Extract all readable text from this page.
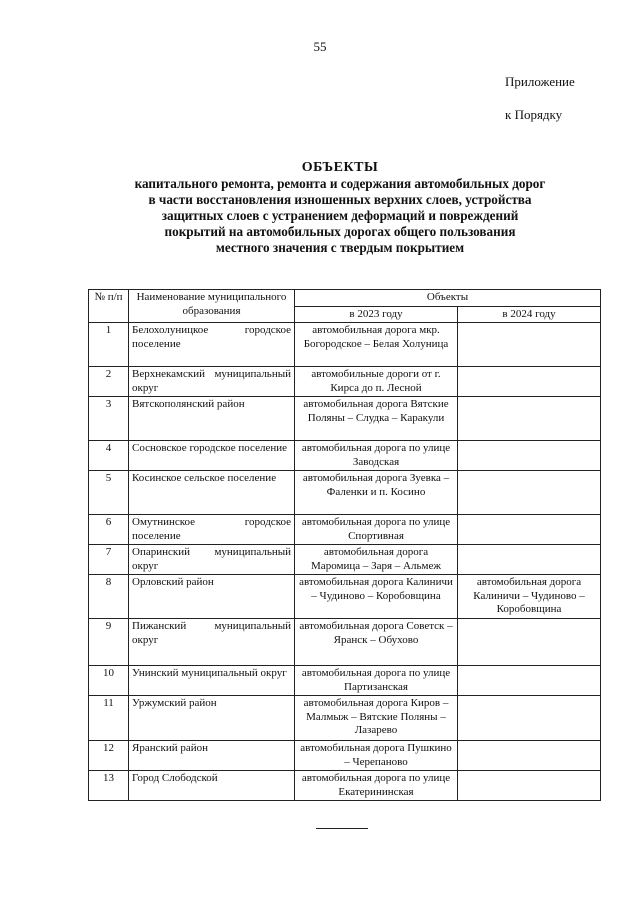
55
Приложение
к Порядку
ОБЪЕКТЫ
капитального ремонта, ремонта и содержания автомобильных дорог
в части восстановления изношенных верхних слоев, устройства
защитных слоев с устранением деформаций и повреждений
покрытий на автомобильных дорогах общего пользования
местного значения с твердым покрытием
№ п/п	Наименование муниципального образования	Объекты	
		в 2023 году	в 2024 году
1	Белохолуницкое городское поселение	автомобильная дорога мкр. Богородское – Белая Холуница	
2	Верхнекамский муниципальный округ	автомобильные дороги от г. Кирса до п. Лесной	
3	Вятскополянский район	автомобильная дорога Вятские Поляны – Слудка – Каракули	
4	Сосновское городское поселение	автомобильная дорога по улице Заводская	
5	Косинское сельское поселение	автомобильная дорога Зуевка – Фаленки и п. Косино	
6	Омутнинское городское поселение	автомобильная дорога по улице Спортивная	
7	Опаринский муниципальный округ	автомобильная дорога Маромица – Заря – Альмеж	
8	Орловский район	автомобильная дорога Калиничи – Чудиново – Коробовщина	автомобильная дорога Калиничи – Чудиново – Коробовщина
9	Пижанский муниципальный округ	автомобильная дорога Советск – Яранск – Обухово	
10	Унинский муниципальный округ	автомобильная дорога по улице Партизанская	
11	Уржумский район	автомобильная дорога Киров – Малмыж – Вятские Поляны – Лазарево	
12	Яранский район	автомобильная дорога Пушкино – Черепаново	
13	Город Слободской	автомобильная дорога по улице Екатерининская	
